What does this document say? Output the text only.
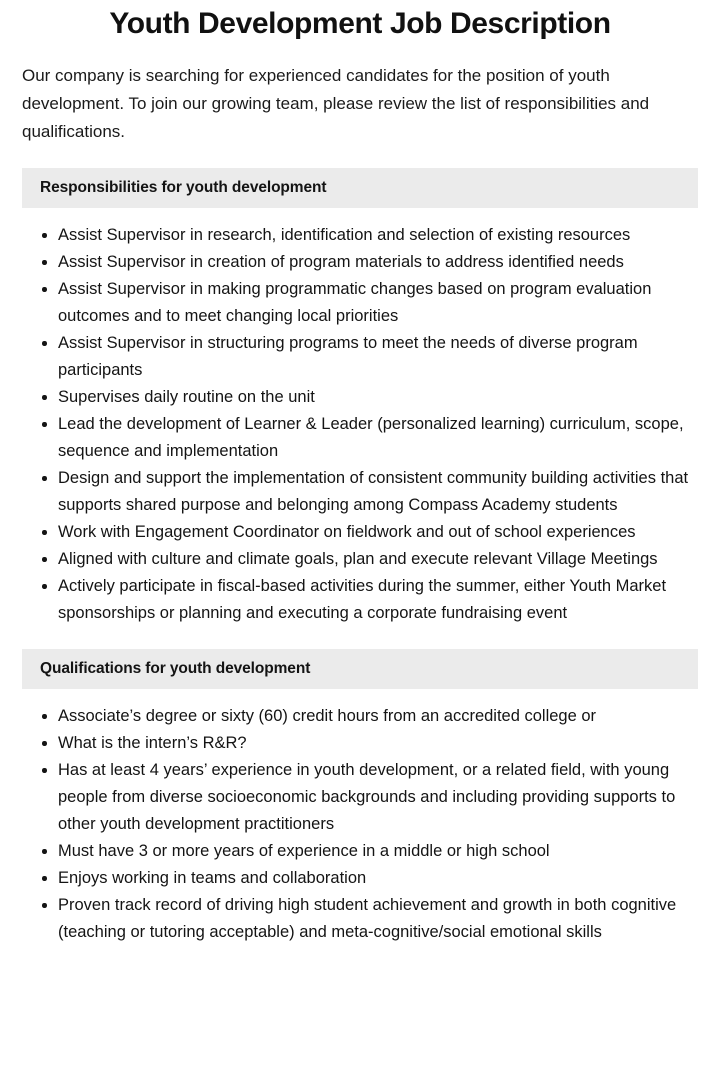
Youth Development Job Description

Our company is searching for experienced candidates for the position of youth development. To join our growing team, please review the list of responsibilities and qualifications.

Responsibilities for youth development
Assist Supervisor in research, identification and selection of existing resources
Assist Supervisor in creation of program materials to address identified needs
Assist Supervisor in making programmatic changes based on program evaluation outcomes and to meet changing local priorities
Assist Supervisor in structuring programs to meet the needs of diverse program participants
Supervises daily routine on the unit
Lead the development of Learner & Leader (personalized learning) curriculum, scope, sequence and implementation
Design and support the implementation of consistent community building activities that supports shared purpose and belonging among Compass Academy students
Work with Engagement Coordinator on fieldwork and out of school experiences
Aligned with culture and climate goals, plan and execute relevant Village Meetings
Actively participate in fiscal-based activities during the summer, either Youth Market sponsorships or planning and executing a corporate fundraising event
Qualifications for youth development
Associate’s degree or sixty (60) credit hours from an accredited college or
What is the intern’s R&R?
Has at least 4 years’ experience in youth development, or a related field, with young people from diverse socioeconomic backgrounds and including providing supports to other youth development practitioners
Must have 3 or more years of experience in a middle or high school
Enjoys working in teams and collaboration
Proven track record of driving high student achievement and growth in both cognitive (teaching or tutoring acceptable) and meta-cognitive/social emotional skills
